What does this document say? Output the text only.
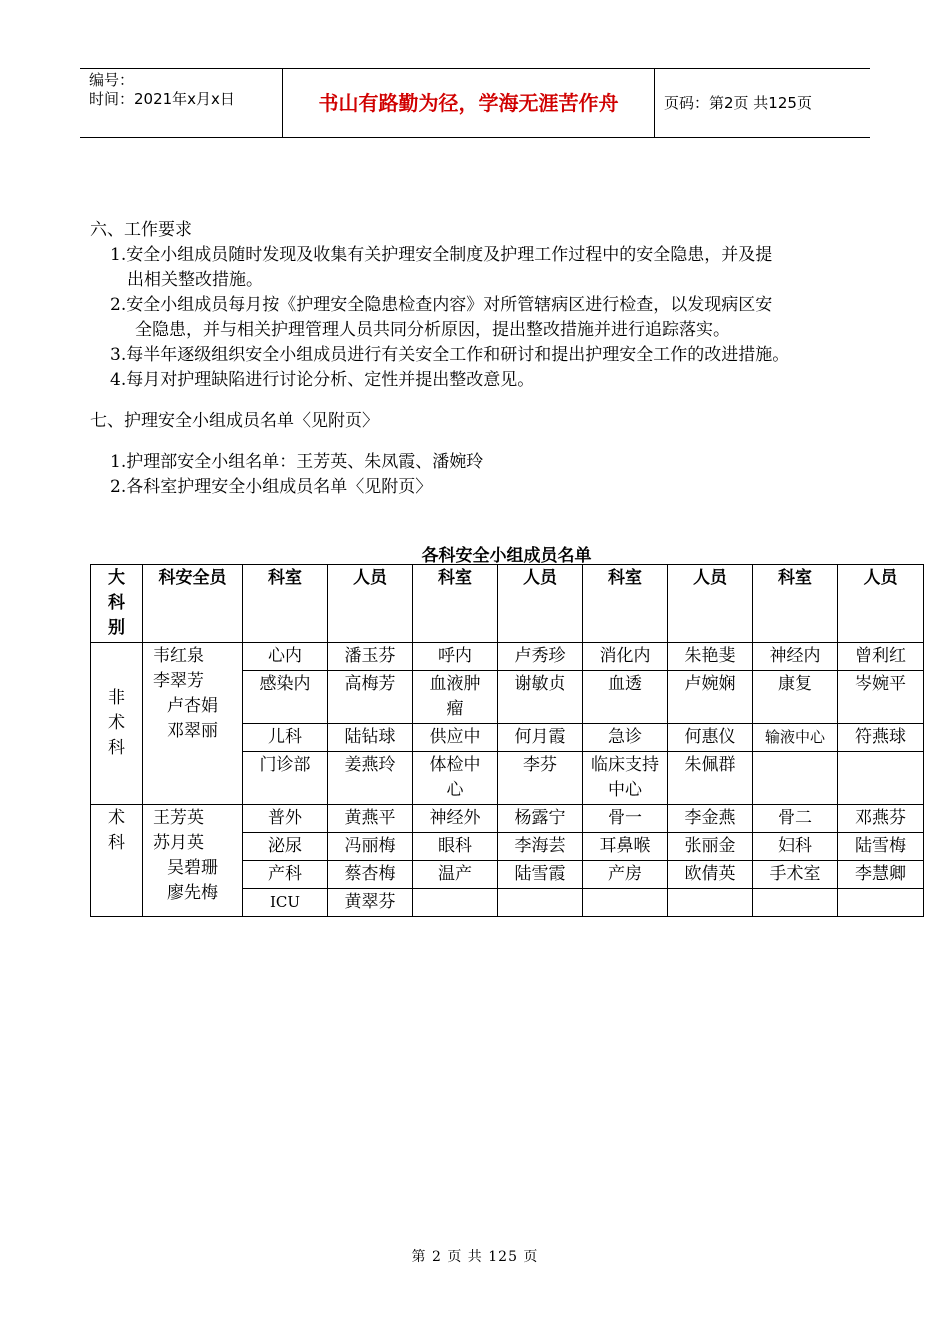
编号：
时间：2021年x月x日	书山有路勤为径，学海无涯苦作舟	页码：第2页 共125页

六、工作要求

1.安全小组成员随时发现及收集有关护理安全制度及护理工作过程中的安全隐患，并及提

出相关整改措施。

2.安全小组成员每月按《护理安全隐患检查内容》对所管辖病区进行检查，以发现病区安

全隐患，并与相关护理管理人员共同分析原因，提出整改措施并进行追踪落实。

3.每半年逐级组织安全小组成员进行有关安全工作和研讨和提出护理安全工作的改进措施。

4.每月对护理缺陷进行讨论分析、定性并提出整改意见。

七、护理安全小组成员名单〈见附页〉

1.护理部安全小组名单：王芳英、朱凤霞、潘婉玲

2.各科室护理安全小组成员名单〈见附页〉

各科安全小组成员名单
大科别	科安全员	科室	人员	科室	人员	科室	人员	科室	人员

非术科	韦红泉
李翠芳
卢杏娟
邓翠丽	心内	潘玉芬	呼内	卢秀珍	消化内	朱艳斐	神经内	曾利红
		感染内	高梅芳	血液肿瘤	谢敏贞	血透	卢婉娴	康复	岑婉平
		儿科	陆钻球	供应中	何月霞	急诊	何惠仪	输液中心	符燕球
		门诊部	姜燕玲	体检中心	李芬	临床支持中心	朱佩群		

术科	王芳英
苏月英
吴碧珊
廖先梅	普外	黄燕平	神经外	杨露宁	骨一	李金燕	骨二	邓燕芬
		泌尿	冯丽梅	眼科	李海芸	耳鼻喉	张丽金	妇科	陆雪梅
		产科	蔡杏梅	温产	陆雪霞	产房	欧倩英	手术室	李慧卿
		ICU	黄翠芬						
第 2 页 共 125 页
